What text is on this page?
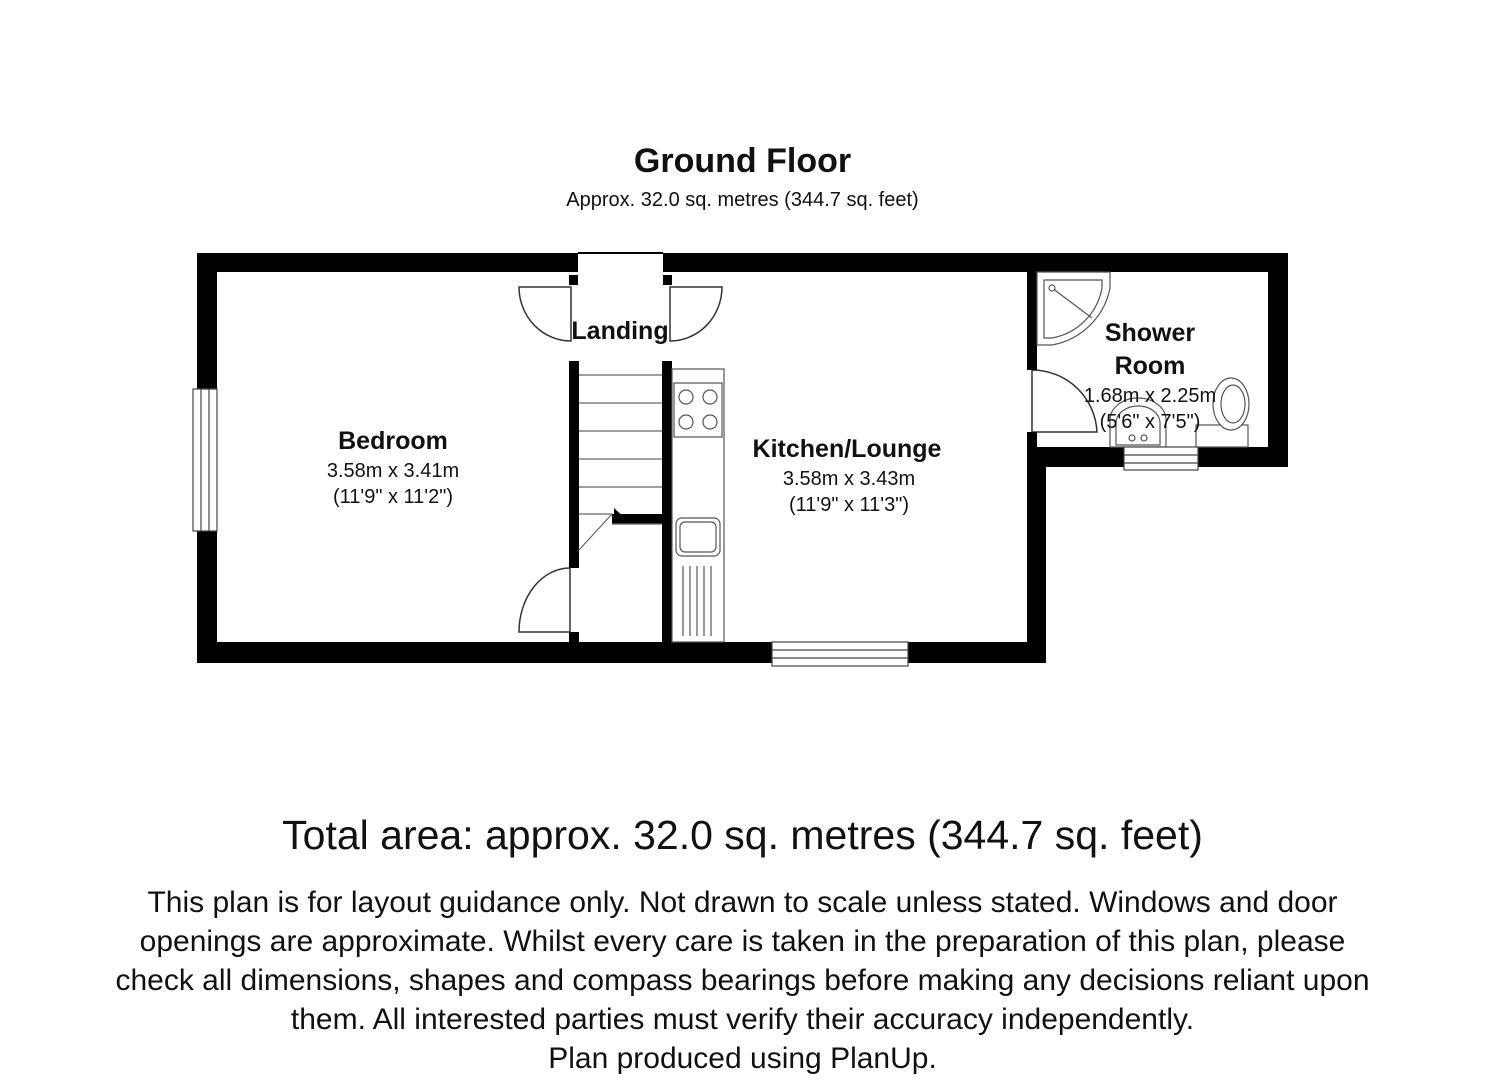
Ground Floor
Approx. 32.0 sq. metres (344.7 sq. feet)
Bedroom
3.58m x 3.41m
(11'9" x 11'2")
Landing
Kitchen/Lounge
3.58m x 3.43m
(11'9" x 11'3")
Shower
Room
1.68m x 2.25m
(5'6" x 7'5")
Total area: approx. 32.0 sq. metres (344.7 sq. feet)
This plan is for layout guidance only. Not drawn to scale unless stated. Windows and door
openings are approximate. Whilst every care is taken in the preparation of this plan, please
check all dimensions, shapes and compass bearings before making any decisions reliant upon
them. All interested parties must verify their accuracy independently.
Plan produced using PlanUp.
